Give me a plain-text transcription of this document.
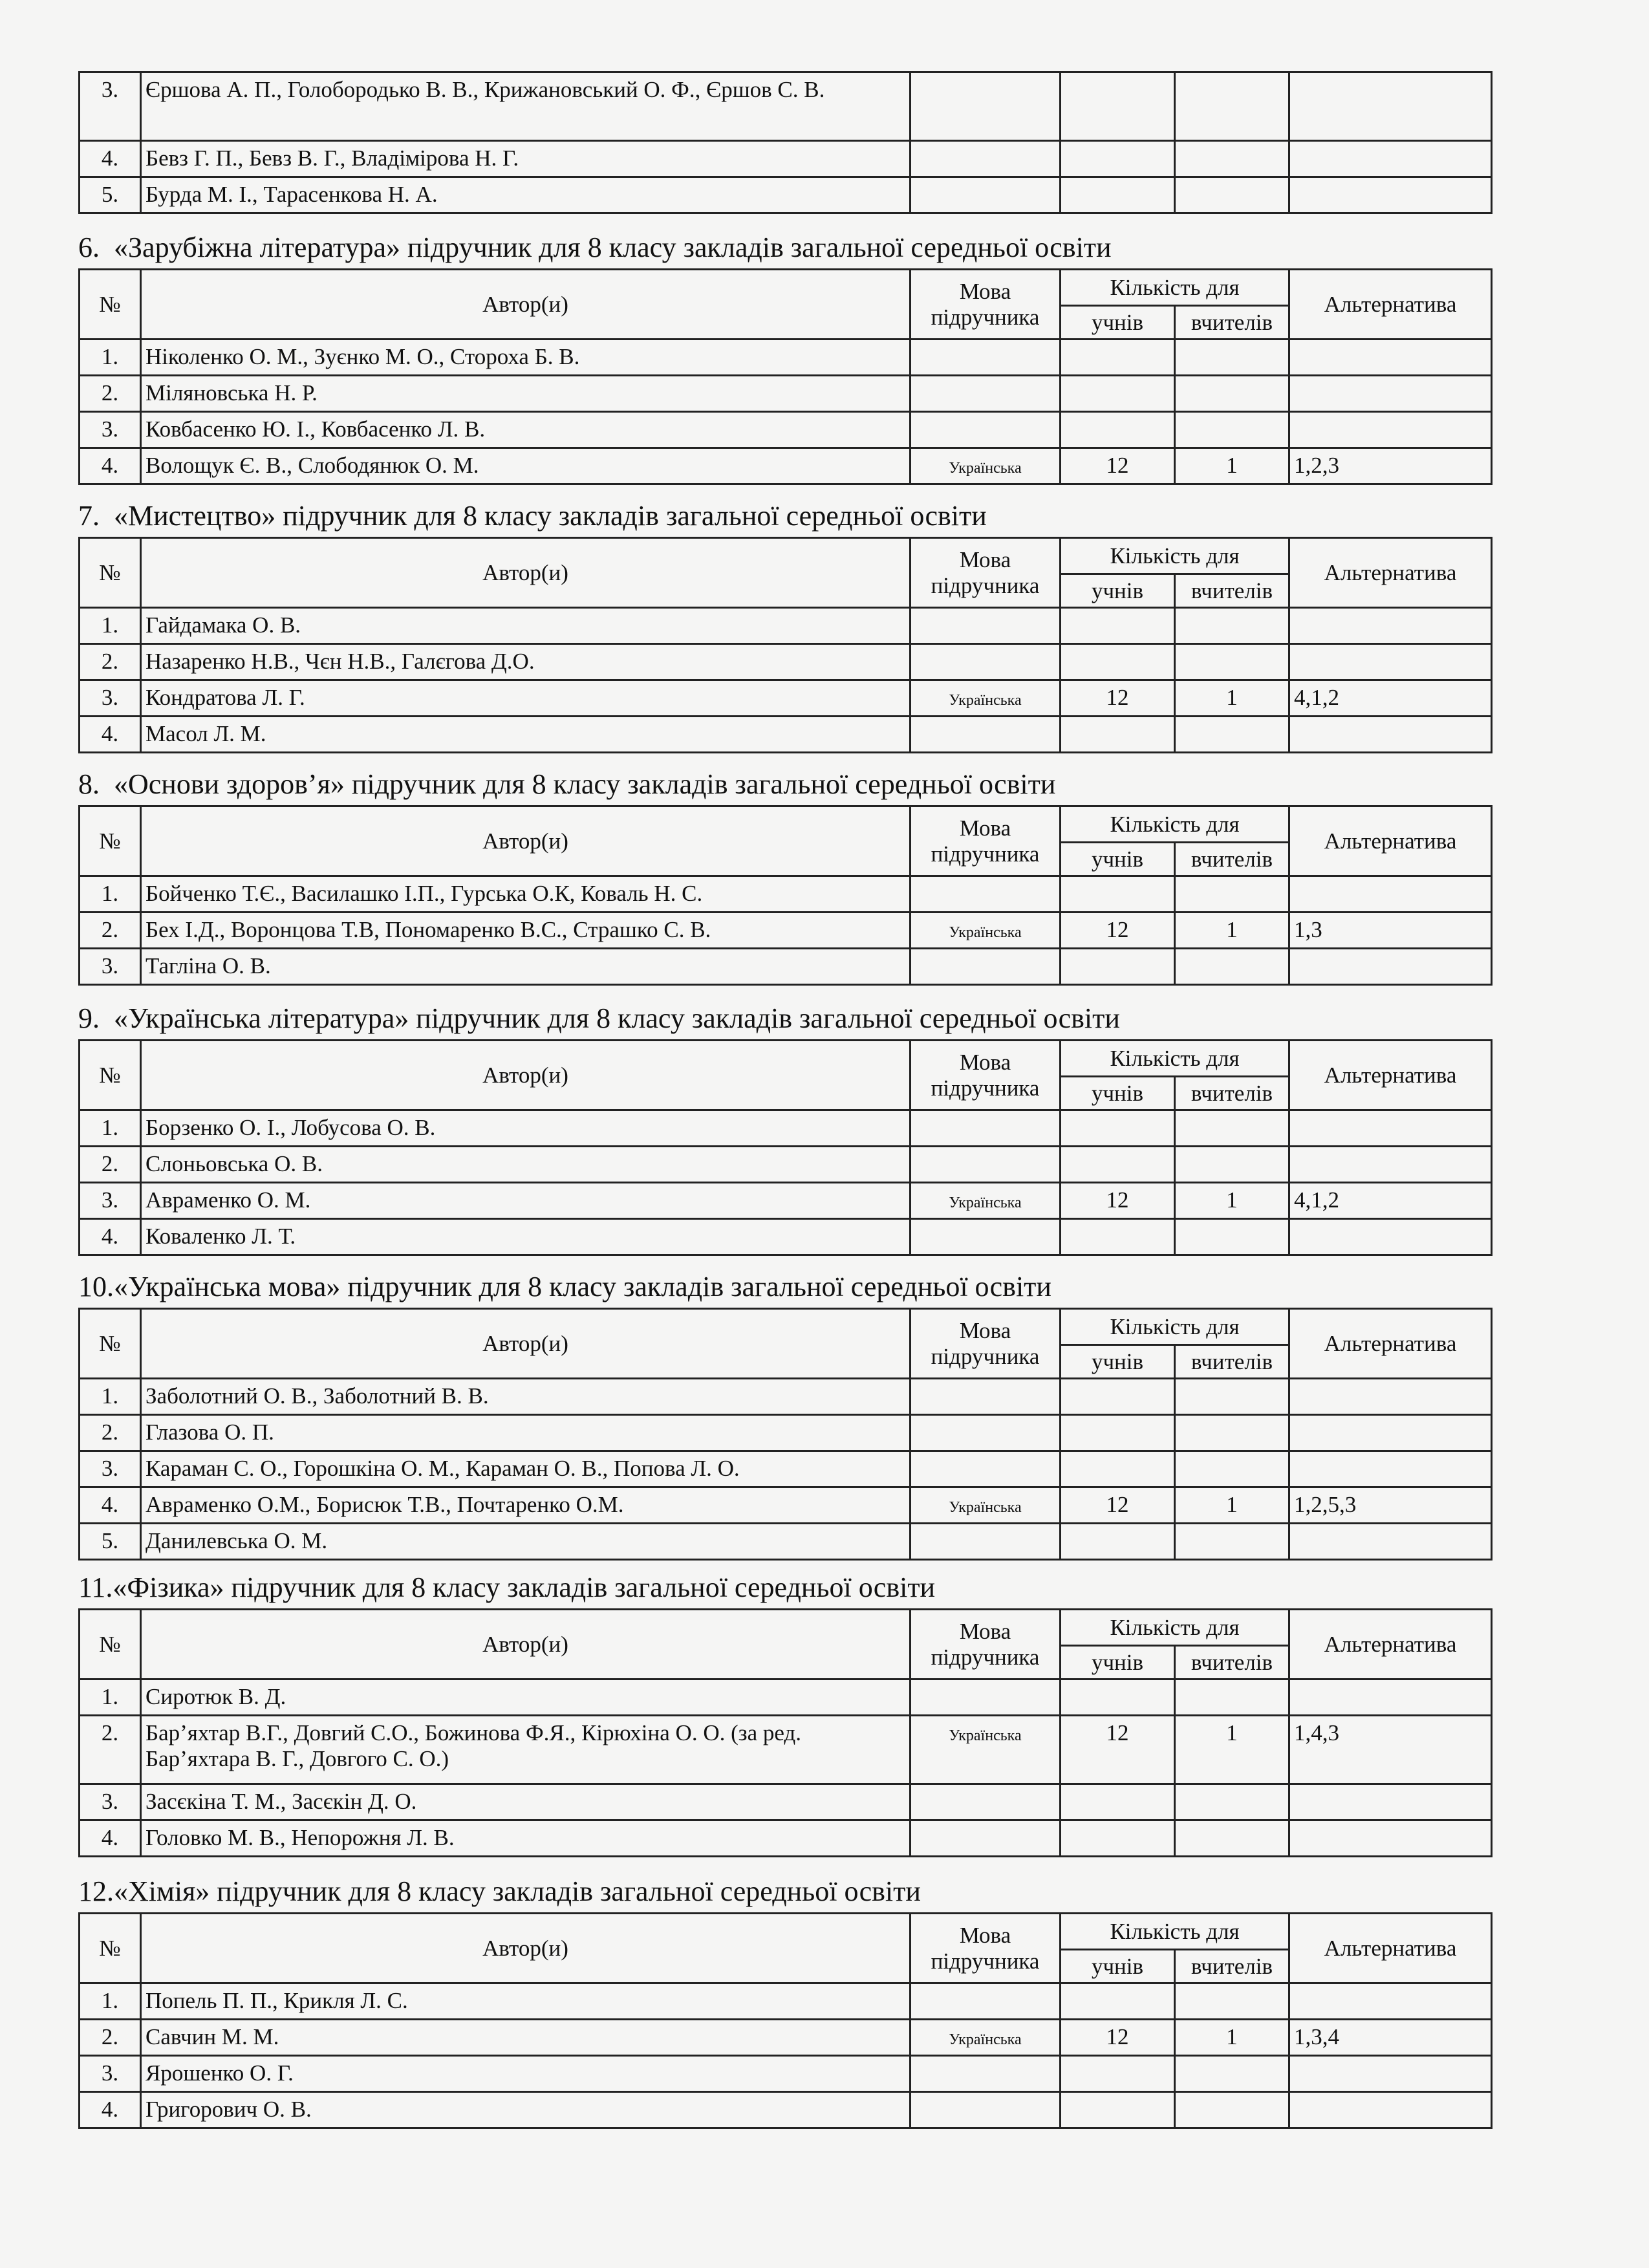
3.	Єршова А. П., Голобородько В. В., Крижановський О. Ф., Єршов С. В.				
4.	Бевз Г. П., Бевз В. Г., Владімірова Н. Г.				
5.	Бурда М. І., Тарасенкова Н. А.				
6.  «Зарубіжна література» підручник для 8 класу закладів загальної середньої освіти
№	Автор(и)	Мова підручника	Кількість для		Альтернатива
			учнів	вчителів	
1.	Ніколенко О. М., Зуєнко М. О., Стороха Б. В.				
2.	Міляновська Н. Р.				
3.	Ковбасенко Ю. І., Ковбасенко Л. В.				
4.	Волощук Є. В., Слободянюк О. М.	Українська	12	1	1,2,3
7.  «Мистецтво» підручник для 8 класу закладів загальної середньої освіти
№	Автор(и)	Мова підручника	Кількість для		Альтернатива
			учнів	вчителів	
1.	Гайдамака О. В.				
2.	Назаренко Н.В., Чєн Н.В., Галєгова Д.О.				
3.	Кондратова Л. Г.	Українська	12	1	4,1,2
4.	Масол Л. М.				
8.  «Основи здоров’я» підручник для 8 класу закладів загальної середньої освіти
№	Автор(и)	Мова підручника	Кількість для		Альтернатива
			учнів	вчителів	
1.	Бойченко Т.Є., Василашко І.П., Гурська О.К, Коваль Н. С.				
2.	Бех І.Д., Воронцова Т.В, Пономаренко В.С., Страшко С. В.	Українська	12	1	1,3
3.	Таглiна О. В.				
9.  «Українська література» підручник для 8 класу закладів загальної середньої освіти
№	Автор(и)	Мова підручника	Кількість для		Альтернатива
			учнів	вчителів	
1.	Борзенко О. І., Лобусова О. В.				
2.	Слоньовська О. В.				
3.	Авраменко О. М.	Українська	12	1	4,1,2
4.	Коваленко Л. Т.				
10.«Українська мова» підручник для 8 класу закладів загальної середньої освіти
№	Автор(и)	Мова підручника	Кількість для		Альтернатива
			учнів	вчителів	
1.	Заболотний О. В., Заболотний В. В.				
2.	Глазова О. П.				
3.	Караман С. О., Горошкіна О. М., Караман О. В., Попова Л. О.				
4.	Авраменко О.М., Борисюк Т.В., Почтаренко О.М.	Українська	12	1	1,2,5,3
5.	Данилевська О. М.				
11.«Фізика» підручник для 8 класу закладів загальної середньої освіти
№	Автор(и)	Мова підручника	Кількість для		Альтернатива
			учнів	вчителів	
1.	Сиротюк В. Д.				
2.	Бар’яхтар В.Г., Довгий С.О., Божинова Ф.Я., Кірюхіна О. О. (за ред. Бар’яхтара В. Г., Довгого С. О.)	Українська	12	1	1,4,3
3.	Засєкіна Т. М., Засєкін Д. О.				
4.	Головко М. В., Непорожня Л. В.				
12.«Хімія» підручник для 8 класу закладів загальної середньої освіти
№	Автор(и)	Мова підручника	Кількість для		Альтернатива
			учнів	вчителів	
1.	Попель П. П., Крикля Л. С.				
2.	Савчин М. М.	Українська	12	1	1,3,4
3.	Ярошенко О. Г.				
4.	Григорович О. В.				
